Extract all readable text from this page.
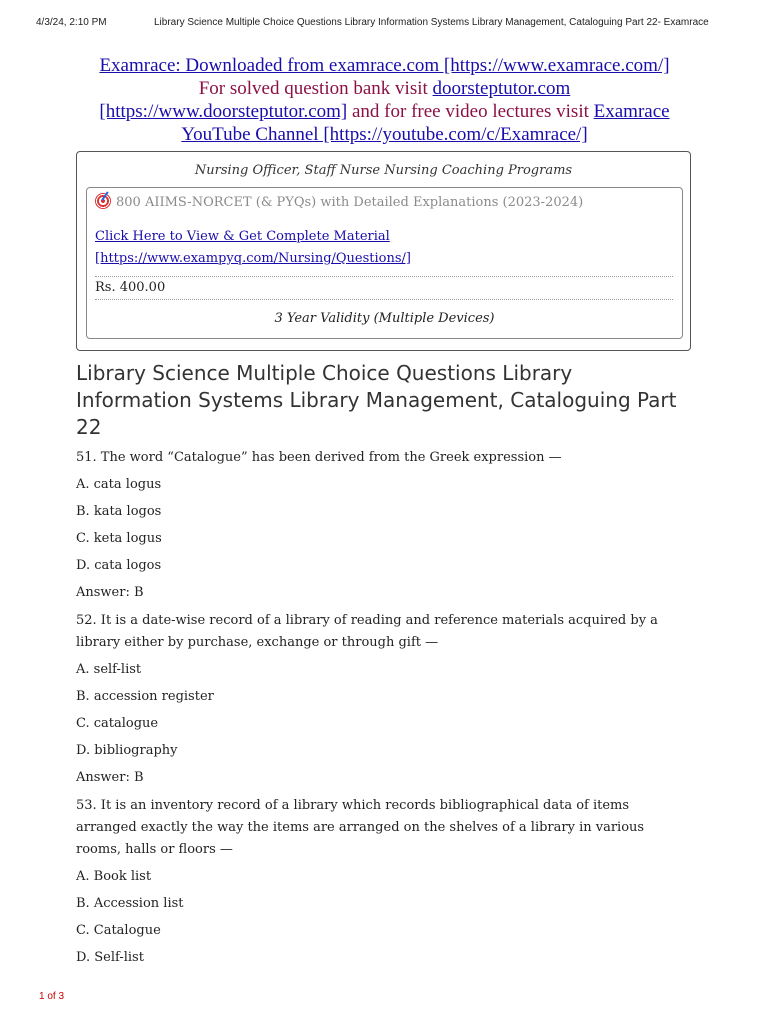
4/3/24, 2:10 PM	Library Science Multiple Choice Questions Library Information Systems Library Management, Cataloguing Part 22- Examrace
Examrace: Downloaded from examrace.com [https://www.examrace.com/]
For solved question bank visit doorsteptutor.com
[https://www.doorsteptutor.com] and for free video lectures visit Examrace
YouTube Channel [https://youtube.com/c/Examrace/]
Nursing Officer, Staff Nurse Nursing Coaching Programs
800 AIIMS-NORCET (& PYQs) with Detailed Explanations (2023-2024)
Click Here to View & Get Complete Material
[https://www.exampyq.com/Nursing/Questions/]
Rs. 400.00
3 Year Validity (Multiple Devices)
Library Science Multiple Choice Questions Library Information Systems Library Management, Cataloguing Part 22
51. The word “Catalogue” has been derived from the Greek expression —
A. cata logus
B. kata logos
C. keta logus
D. cata logos
Answer: B
52. It is a date-wise record of a library of reading and reference materials acquired by a library either by purchase, exchange or through gift —
A. self-list
B. accession register
C. catalogue
D. bibliography
Answer: B
53. It is an inventory record of a library which records bibliographical data of items arranged exactly the way the items are arranged on the shelves of a library in various rooms, halls or floors —
A. Book list
B. Accession list
C. Catalogue
D. Self-list
1 of 3
